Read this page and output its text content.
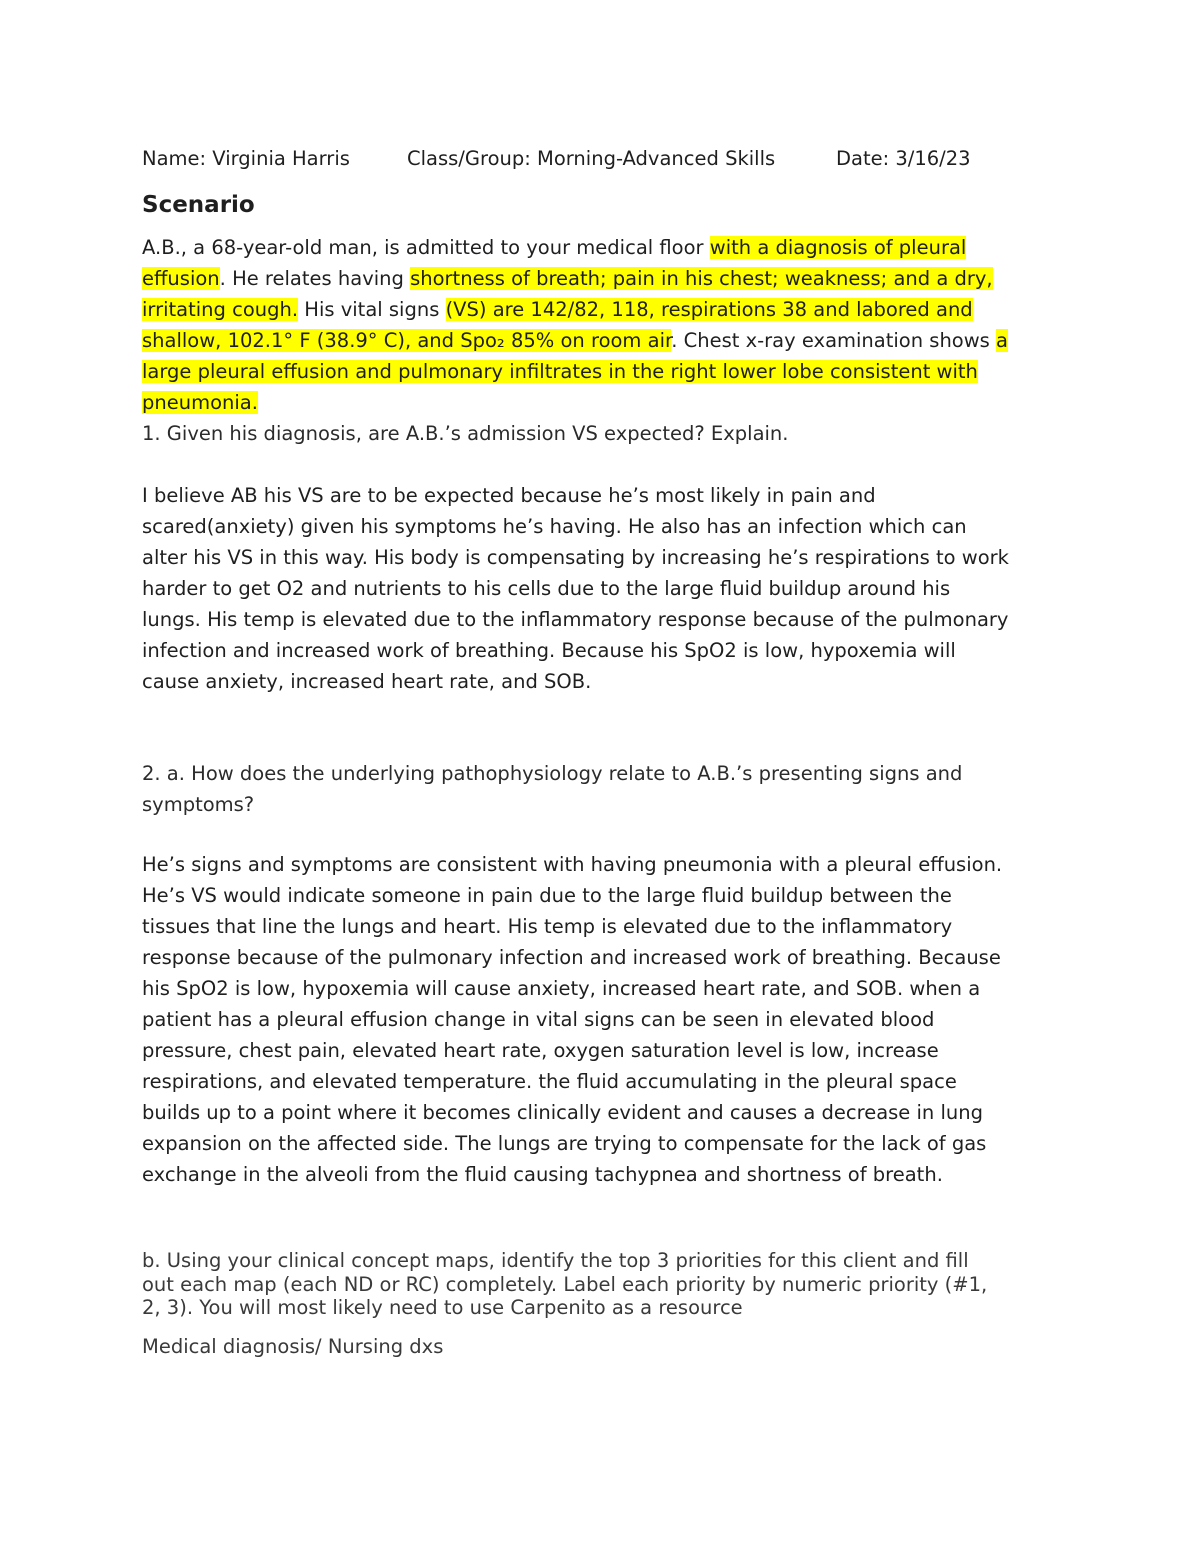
Name: Virginia Harris	Class/Group: Morning-Advanced Skills	Date: 3/16/23
Scenario
A.B., a 68-year-old man, is admitted to your medical floor with a diagnosis of pleural
effusion. He relates having shortness of breath; pain in his chest; weakness; and a dry,
irritating cough. His vital signs (VS) are 142/82, 118, respirations 38 and labored and
shallow, 102.1° F (38.9° C), and Spo₂ 85% on room air. Chest x-ray examination shows a
large pleural effusion and pulmonary infiltrates in the right lower lobe consistent with
pneumonia.
1. Given his diagnosis, are A.B.’s admission VS expected? Explain.
I believe AB his VS are to be expected because he’s most likely in pain and
scared(anxiety) given his symptoms he’s having. He also has an infection which can
alter his VS in this way. His body is compensating by increasing he’s respirations to work
harder to get O2 and nutrients to his cells due to the large fluid buildup around his
lungs. His temp is elevated due to the inflammatory response because of the pulmonary
infection and increased work of breathing. Because his SpO2 is low, hypoxemia will
cause anxiety, increased heart rate, and SOB.
2. a. How does the underlying pathophysiology relate to A.B.’s presenting signs and
symptoms?
He’s signs and symptoms are consistent with having pneumonia with a pleural effusion.
He’s VS would indicate someone in pain due to the large fluid buildup between the
tissues that line the lungs and heart. His temp is elevated due to the inflammatory
response because of the pulmonary infection and increased work of breathing. Because
his SpO2 is low, hypoxemia will cause anxiety, increased heart rate, and SOB. when a
patient has a pleural effusion change in vital signs can be seen in elevated blood
pressure, chest pain, elevated heart rate, oxygen saturation level is low, increase
respirations, and elevated temperature. the fluid accumulating in the pleural space
builds up to a point where it becomes clinically evident and causes a decrease in lung
expansion on the affected side. The lungs are trying to compensate for the lack of gas
exchange in the alveoli from the fluid causing tachypnea and shortness of breath.
b. Using your clinical concept maps, identify the top 3 priorities for this client and fill
out each map (each ND or RC) completely. Label each priority by numeric priority (#1,
2, 3). You will most likely need to use Carpenito as a resource
Medical diagnosis/ Nursing dxs
